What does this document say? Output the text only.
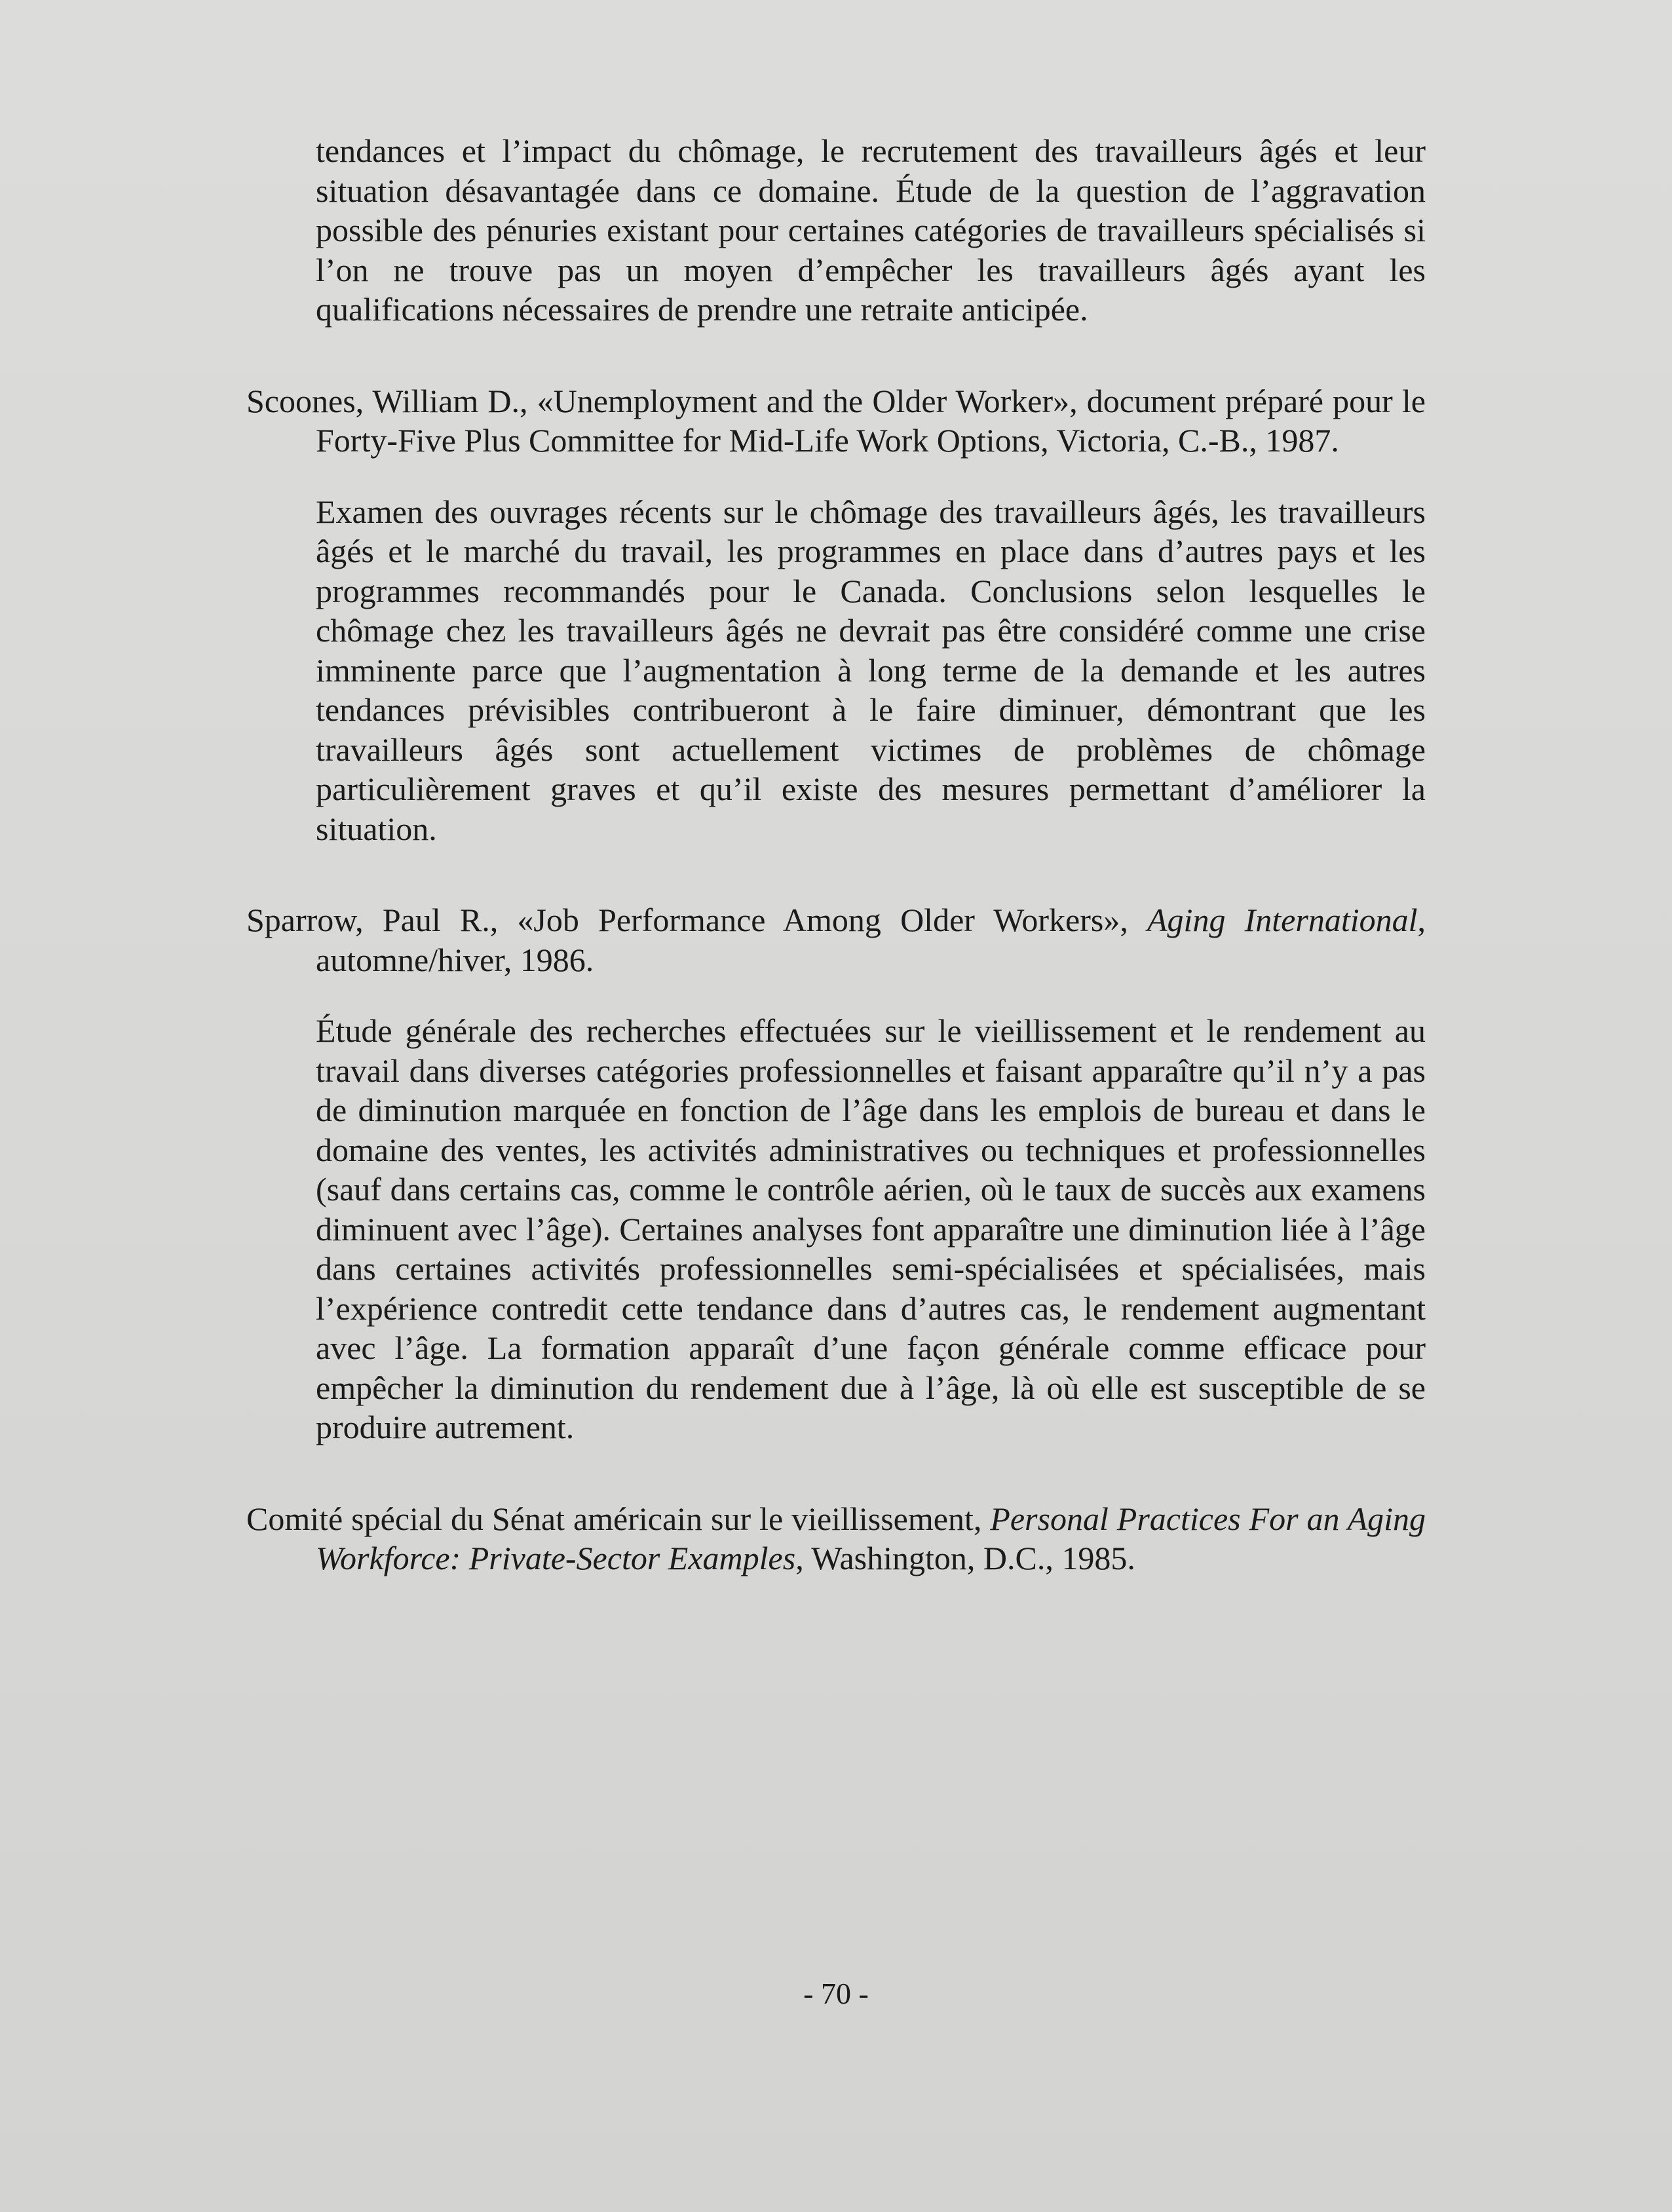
tendances et l’impact du chômage, le recrutement des travailleurs âgés et leur situation désavantagée dans ce domaine. Étude de la question de l’aggravation possible des pénuries existant pour certaines catégories de travailleurs spécialisés si l’on ne trouve pas un moyen d’empêcher les travailleurs âgés ayant les qualifications nécessaires de prendre une retraite anticipée.

Scoones, William D., «Unemployment and the Older Worker», document préparé pour le Forty-Five Plus Committee for Mid-Life Work Options, Victoria, C.-B., 1987.

Examen des ouvrages récents sur le chômage des travailleurs âgés, les travailleurs âgés et le marché du travail, les programmes en place dans d’autres pays et les programmes recommandés pour le Canada. Conclusions selon lesquelles le chômage chez les travailleurs âgés ne devrait pas être considéré comme une crise imminente parce que l’augmentation à long terme de la demande et les autres tendances prévisibles contribueront à le faire diminuer, démontrant que les travailleurs âgés sont actuellement victimes de problèmes de chômage particulièrement graves et qu’il existe des mesures permettant d’améliorer la situation.

Sparrow, Paul R., «Job Performance Among Older Workers», Aging International, automne/hiver, 1986.

Étude générale des recherches effectuées sur le vieillissement et le rendement au travail dans diverses catégories professionnelles et faisant apparaître qu’il n’y a pas de diminution marquée en fonction de l’âge dans les emplois de bureau et dans le domaine des ventes, les activités administratives ou techniques et professionnelles (sauf dans certains cas, comme le contrôle aérien, où le taux de succès aux examens diminuent avec l’âge). Certaines analyses font apparaître une diminution liée à l’âge dans certaines activités professionnelles semi-spécialisées et spécialisées, mais l’expérience contredit cette tendance dans d’autres cas, le rendement augmentant avec l’âge. La formation apparaît d’une façon générale comme efficace pour empêcher la diminution du rendement due à l’âge, là où elle est susceptible de se produire autrement.

Comité spécial du Sénat américain sur le vieillissement, Personal Practices For an Aging Workforce: Private-Sector Examples, Washington, D.C., 1985.

- 70 -
